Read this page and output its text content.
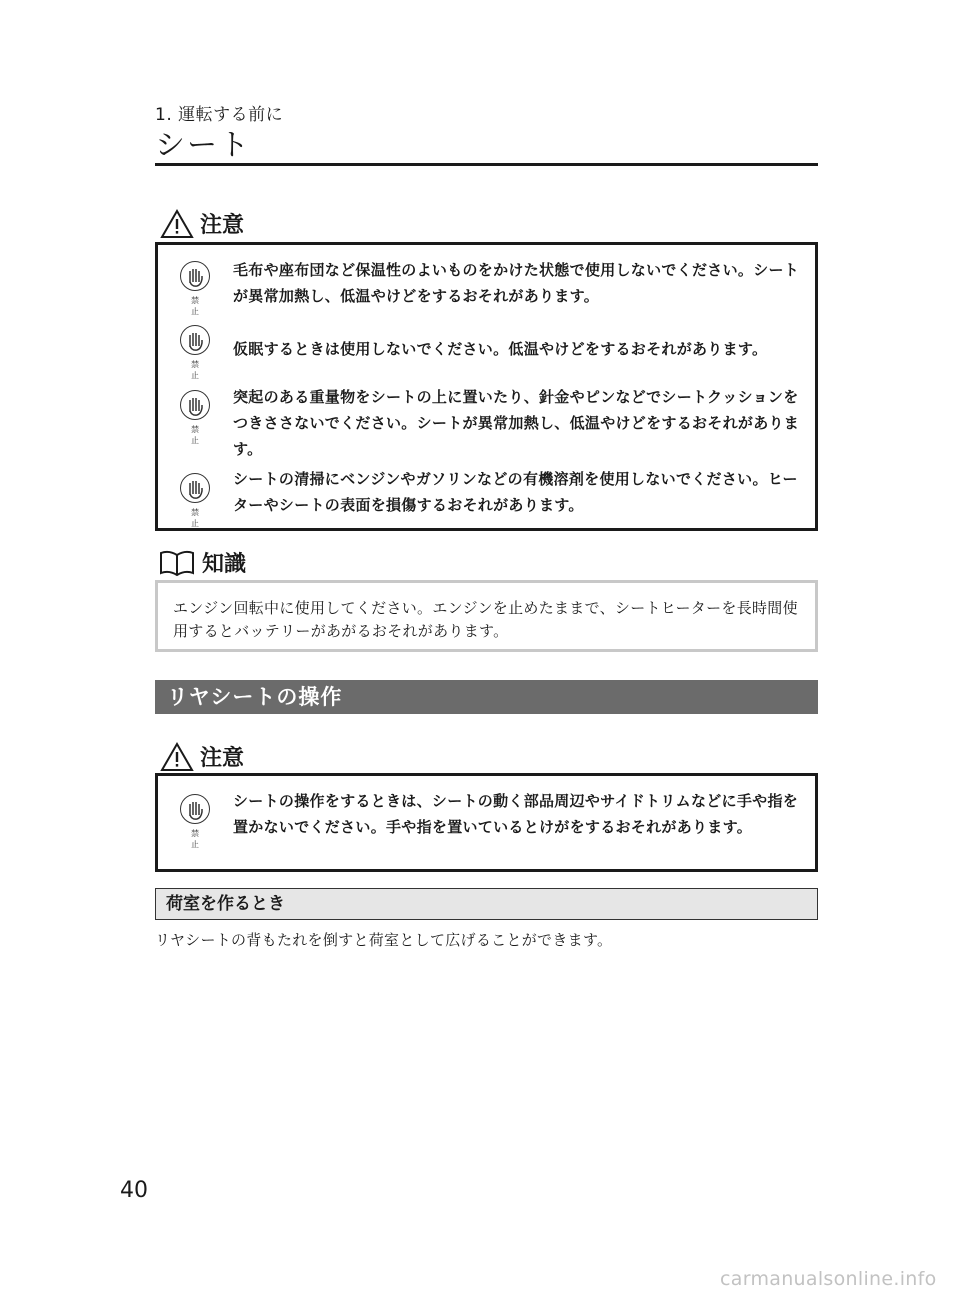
1. 運転する前に
シート
注意
禁 止
毛布や座布団など保温性のよいものをかけた状態で使用しないでください。シートが異常加熱し、低温やけどをするおそれがあります。
禁 止
仮眠するときは使用しないでください。低温やけどをするおそれがあります。
禁 止
突起のある重量物をシートの上に置いたり、針金やピンなどでシートクッションをつきささないでください。シートが異常加熱し、低温やけどをするおそれがあります。
禁 止
シートの清掃にベンジンやガソリンなどの有機溶剤を使用しないでください。ヒーターやシートの表面を損傷するおそれがあります。
知識
エンジン回転中に使用してください。エンジンを止めたままで、シートヒーターを長時間使用するとバッテリーがあがるおそれがあります。
リヤシートの操作
注意
禁 止
シートの操作をするときは、シートの動く部品周辺やサイドトリムなどに手や指を置かないでください。手や指を置いているとけがをするおそれがあります。
荷室を作るとき
リヤシートの背もたれを倒すと荷室として広げることができます。
40
carmanualsonline.info
